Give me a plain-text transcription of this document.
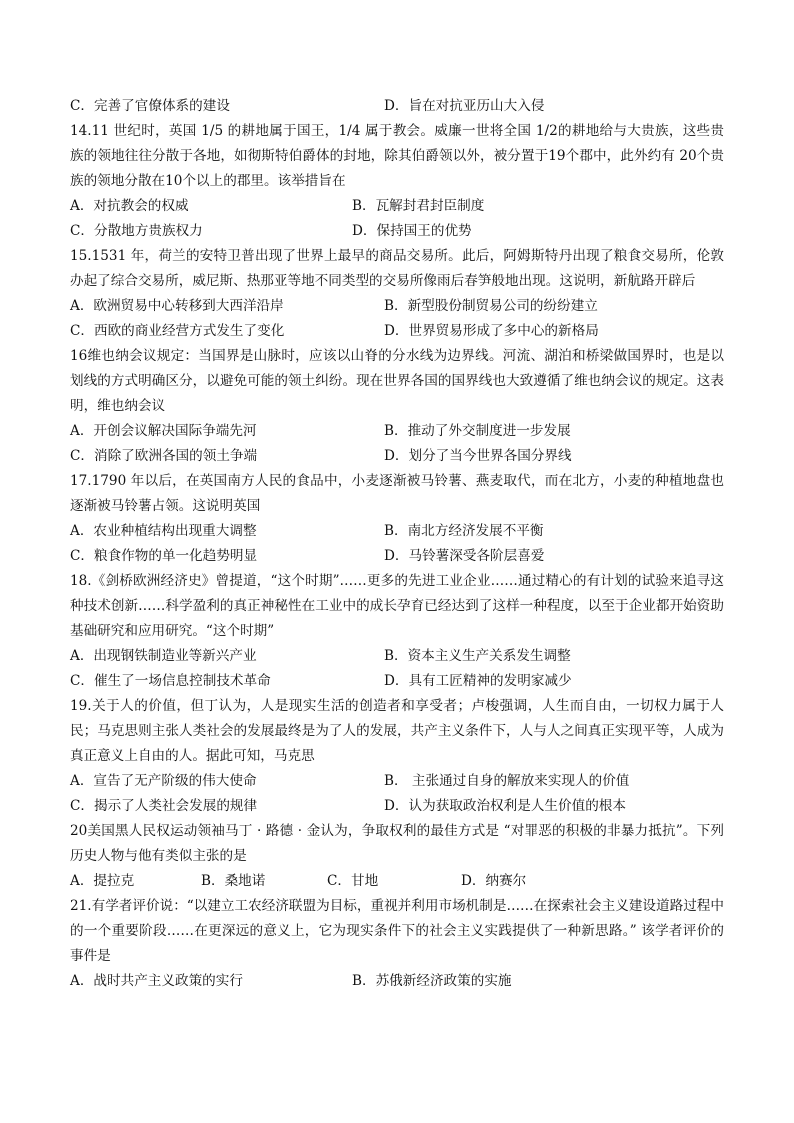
C．完善了官僚体系的建设	D．旨在对抗亚历山大入侵
14.11 世纪时，英国 1/5 的耕地属于国王，1/4 属于教会。威廉一世将全国 1/2的耕地给与大贵族，这些贵族的领地往往分散于各地，如彻斯特伯爵体的封地，除其伯爵领以外，被分置于19个郡中，此外约有 20个贵族的领地分散在10个以上的郡里。该举措旨在
A．对抗教会的权威	B．瓦解封君封臣制度
C．分散地方贵族权力	D．保持国王的优势
15.1531 年，荷兰的安特卫普出现了世界上最早的商品交易所。此后，阿姆斯特丹出现了粮食交易所，伦敦办起了综合交易所，威尼斯、热那亚等地不同类型的交易所像雨后春笋般地出现。这说明，新航路开辟后
A．欧洲贸易中心转移到大西洋沿岸	B．新型股份制贸易公司的纷纷建立
C．西欧的商业经营方式发生了变化	D．世界贸易形成了多中心的新格局
16维也纳会议规定：当国界是山脉时，应该以山脊的分水线为边界线。河流、湖泊和桥梁做国界时，也是以划线的方式明确区分，以避免可能的领土纠纷。现在世界各国的国界线也大致遵循了维也纳会议的规定。这表明，维也纳会议
A．开创会议解决国际争端先河	B．推动了外交制度进一步发展
C．消除了欧洲各国的领土争端	D．划分了当今世界各国分界线
17.1790 年以后，在英国南方人民的食品中，小麦逐渐被马铃薯、燕麦取代，而在北方，小麦的种植地盘也逐渐被马铃薯占领。这说明英国
A．农业种植结构出现重大调整	B．南北方经济发展不平衡
C．粮食作物的单一化趋势明显	D．马铃薯深受各阶层喜爱
18.《剑桥欧洲经济史》曾提道，“这个时期”……更多的先进工业企业……通过精心的有计划的试验来追寻这种技术创新……科学盈利的真正神秘性在工业中的成长孕育已经达到了这样一种程度，以至于企业都开始资助基础研究和应用研究。“这个时期”
A．出现钢铁制造业等新兴产业	B．资本主义生产关系发生调整
C．催生了一场信息控制技术革命	D．具有工匠精神的发明家减少
19.关于人的价值，但丁认为，人是现实生活的创造者和享受者；卢梭强调，人生而自由，一切权力属于人民；马克思则主张人类社会的发展最终是为了人的发展，共产主义条件下，人与人之间真正实现平等，人成为真正意义上自由的人。据此可知，马克思
A．宣告了无产阶级的伟大使命	B． 主张通过自身的解放来实现人的价值
C．揭示了人类社会发展的规律	D．认为获取政治权利是人生价值的根本
20美国黑人民权运动领袖马丁 · 路德 · 金认为，争取权利的最佳方式是 “对罪恶的积极的非暴力抵抗”。下列历史人物与他有类似主张的是
A．提拉克	B．桑地诺	C．甘地	D．纳赛尔
21.有学者评价说：“以建立工农经济联盟为目标，重视并利用市场机制是……在探索社会主义建设道路过程中的一个重要阶段……在更深远的意义上，它为现实条件下的社会主义实践提供了一种新思路。” 该学者评价的事件是
A．战时共产主义政策的实行	B．苏俄新经济政策的实施
